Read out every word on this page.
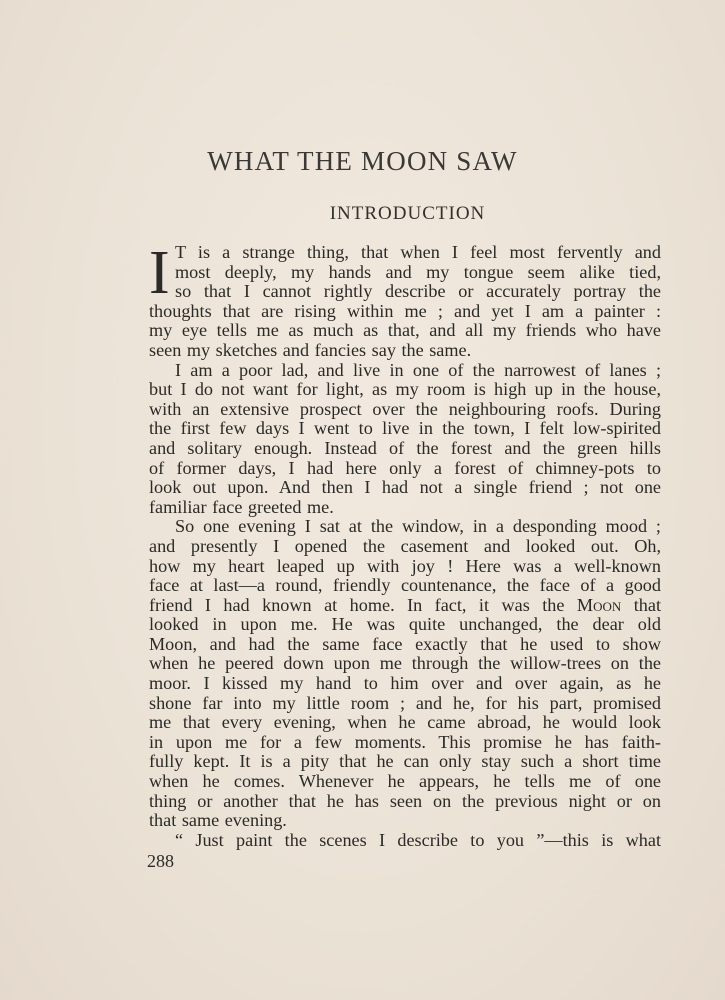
WHAT THE MOON SAW
INTRODUCTION
I T is a strange thing, that when I feel most fervently and
most deeply, my hands and my tongue seem alike tied,
so that I cannot rightly describe or accurately portray the
thoughts that are rising within me ; and yet I am a painter :
my eye tells me as much as that, and all my friends who have
seen my sketches and fancies say the same.
I am a poor lad, and live in one of the narrowest of lanes ;
but I do not want for light, as my room is high up in the house,
with an extensive prospect over the neighbouring roofs. During
the first few days I went to live in the town, I felt low-spirited
and solitary enough. Instead of the forest and the green hills
of former days, I had here only a forest of chimney-pots to
look out upon. And then I had not a single friend ; not one
familiar face greeted me.
So one evening I sat at the window, in a desponding mood ;
and presently I opened the casement and looked out. Oh,
how my heart leaped up with joy ! Here was a well-known
face at last—a round, friendly countenance, the face of a good
friend I had known at home. In fact, it was the Moon that
looked in upon me. He was quite unchanged, the dear old
Moon, and had the same face exactly that he used to show
when he peered down upon me through the willow-trees on the
moor. I kissed my hand to him over and over again, as he
shone far into my little room ; and he, for his part, promised
me that every evening, when he came abroad, he would look
in upon me for a few moments. This promise he has faith-
fully kept. It is a pity that he can only stay such a short time
when he comes. Whenever he appears, he tells me of one
thing or another that he has seen on the previous night or on
that same evening.
“ Just paint the scenes I describe to you ”—this is what

288
